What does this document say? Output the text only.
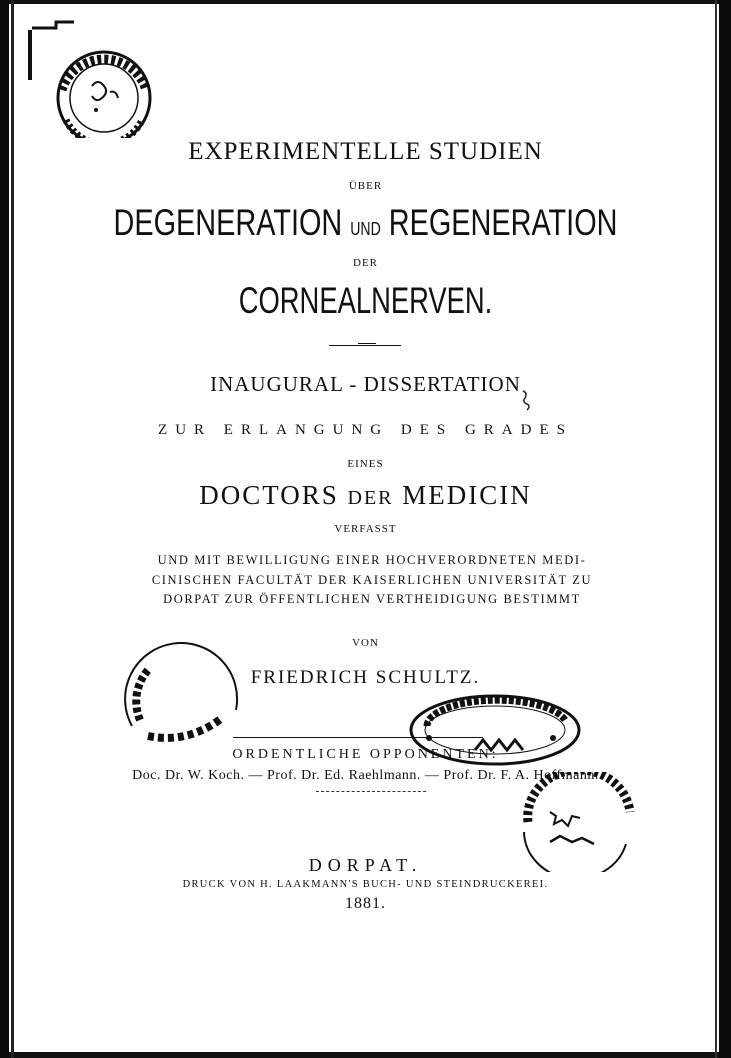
EXPERIMENTELLE STUDIEN
ÜBER
DEGENERATION UND REGENERATION
DER
CORNEALNERVEN.
INAUGURAL - DISSERTATION
ZUR ERLANGUNG DES GRADES
EINES
DOCTORS DER MEDICIN
VERFASST
UND MIT BEWILLIGUNG EINER HOCHVERORDNETEN MEDI-
CINISCHEN FACULTÄT DER KAISERLICHEN UNIVERSITÄT ZU
DORPAT ZUR ÖFFENTLICHEN VERTHEIDIGUNG BESTIMMT
VON
FRIEDRICH SCHULTZ.
ORDENTLICHE OPPONENTEN:
Doc. Dr. W. Koch. — Prof. Dr. Ed. Raehlmann. — Prof. Dr. F. A. Hoffmann.
DORPAT.
DRUCK VON H. LAAKMANN'S BUCH- UND STEINDRUCKEREI.
1881.
